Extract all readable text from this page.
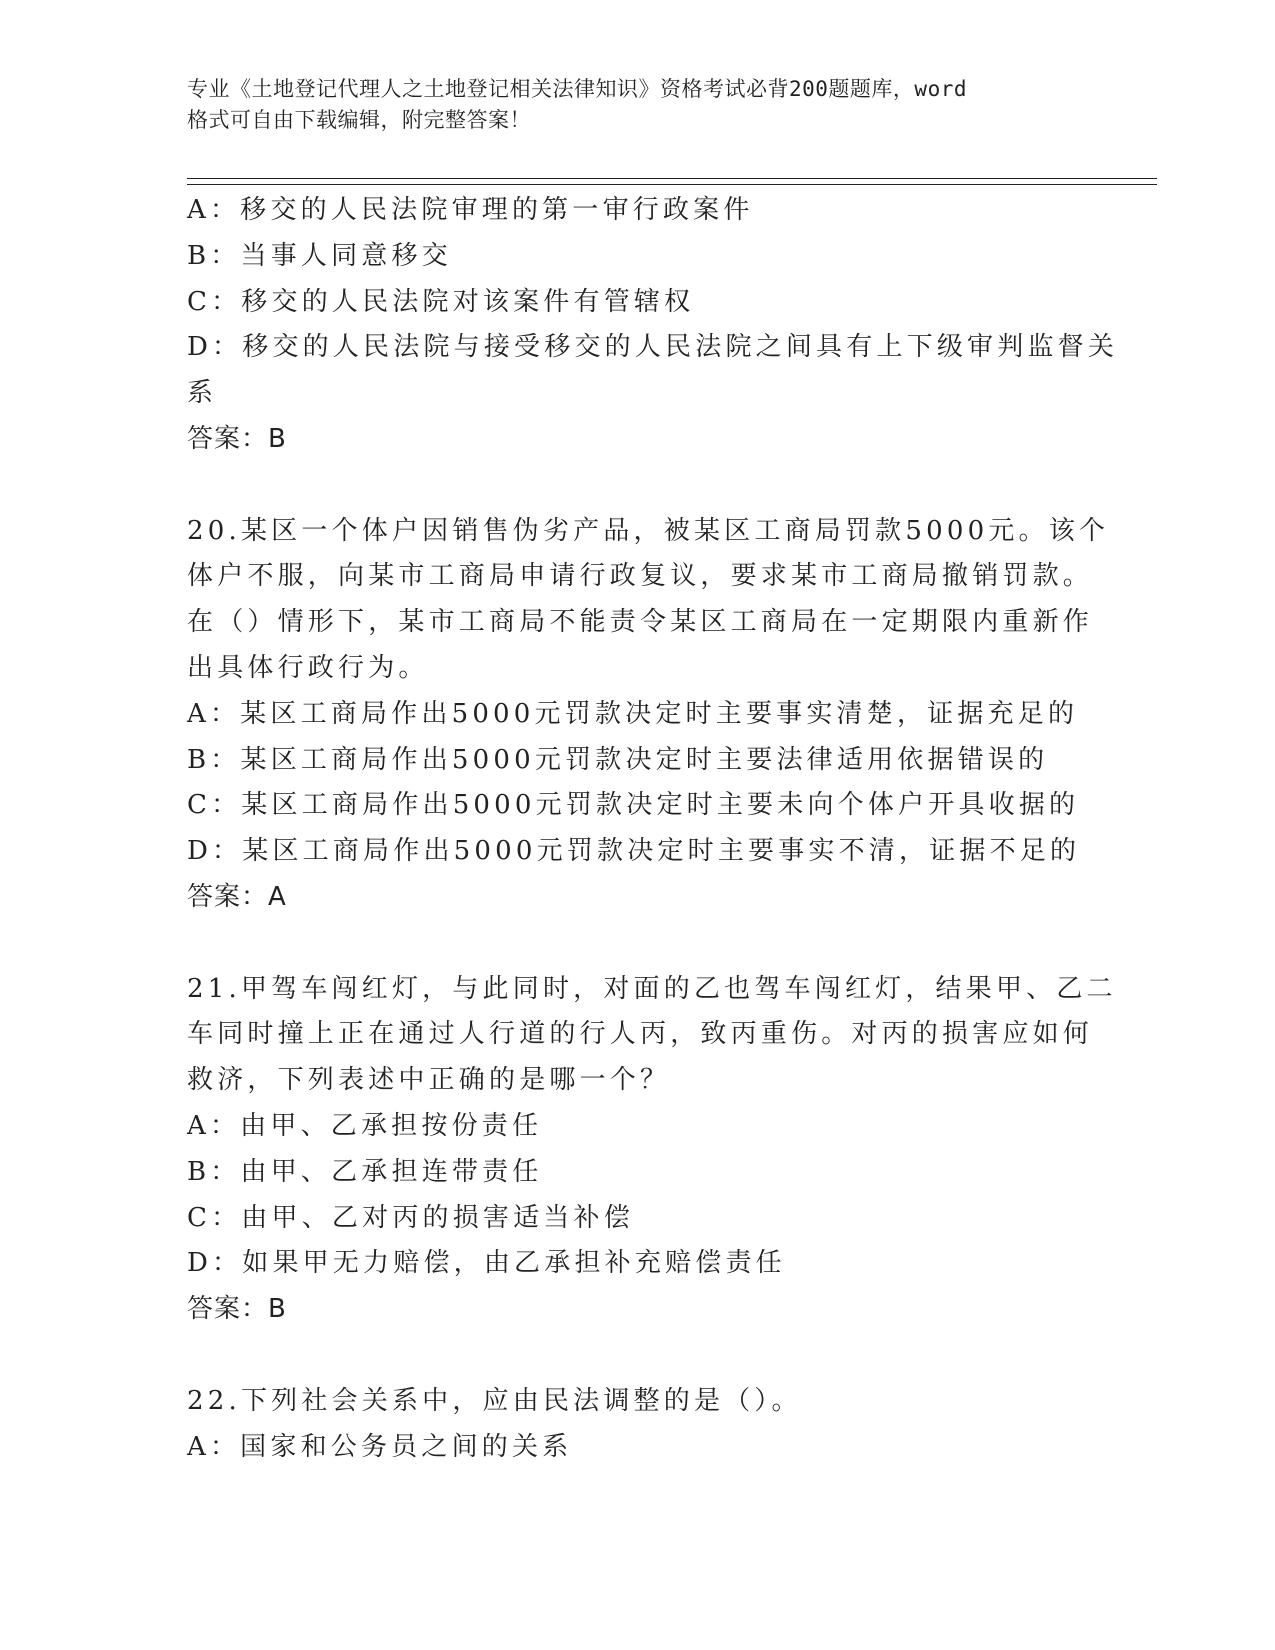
专业《土地登记代理人之土地登记相关法律知识》资格考试必背200题题库，word
格式可自由下载编辑，附完整答案！
A：移交的人民法院审理的第一审行政案件
B：当事人同意移交
C：移交的人民法院对该案件有管辖权
D：移交的人民法院与接受移交的人民法院之间具有上下级审判监督关
系
答案：B
20.某区一个体户因销售伪劣产品，被某区工商局罚款5000元。该个
体户不服，向某市工商局申请行政复议，要求某市工商局撤销罚款。
在（）情形下，某市工商局不能责令某区工商局在一定期限内重新作
出具体行政行为。
A：某区工商局作出5000元罚款决定时主要事实清楚，证据充足的
B：某区工商局作出5000元罚款决定时主要法律适用依据错误的
C：某区工商局作出5000元罚款决定时主要未向个体户开具收据的
D：某区工商局作出5000元罚款决定时主要事实不清，证据不足的
答案：A
21.甲驾车闯红灯，与此同时，对面的乙也驾车闯红灯，结果甲、乙二
车同时撞上正在通过人行道的行人丙，致丙重伤。对丙的损害应如何
救济，下列表述中正确的是哪一个？
A：由甲、乙承担按份责任
B：由甲、乙承担连带责任
C：由甲、乙对丙的损害适当补偿
D：如果甲无力赔偿，由乙承担补充赔偿责任
答案：B
22.下列社会关系中，应由民法调整的是（）。
A：国家和公务员之间的关系
